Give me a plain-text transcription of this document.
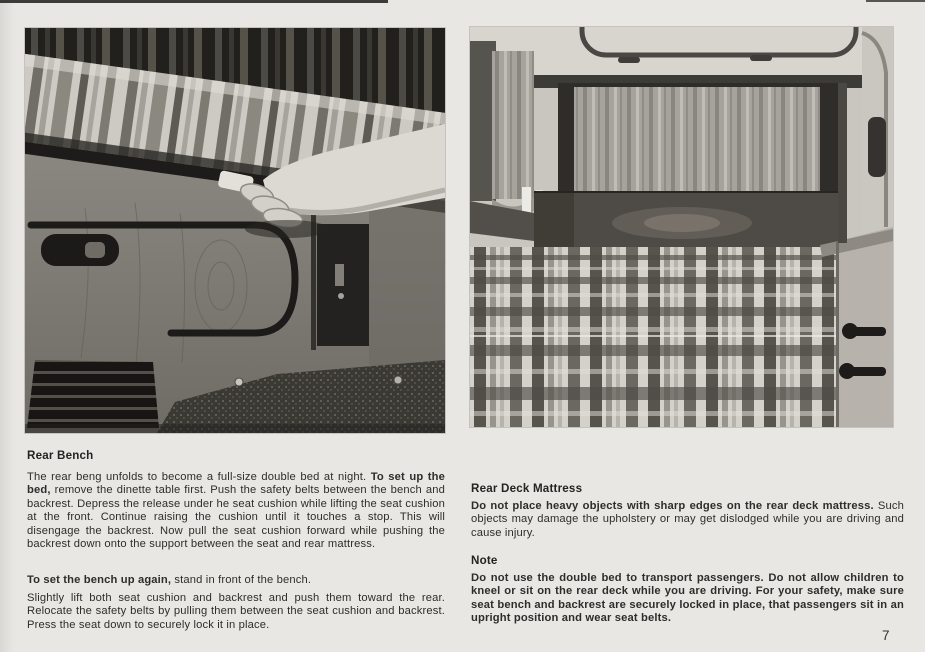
Rear Bench
The rear beng unfolds to become a full-size double bed at night. To set up the bed, remove the dinette table first. Push the safety belts between the bench and backrest. Depress the release under he seat cushion while lifting the seat cushion at the front. Continue raising the cushion until it touches a stop. This will disengage the backrest. Now pull the seat cushion forward while pushing the backrest down onto the support between the seat and rear mattress.
To set the bench up again, stand in front of the bench.
Slightly lift both seat cushion and backrest and push them toward the rear. Relocate the safety belts by pulling them between the seat cushion and backrest. Press the seat down to securely lock it in place.
Rear Deck Mattress
Do not place heavy objects with sharp edges on the rear deck mattress. Such objects may damage the upholstery or may get dislodged while you are driving and cause injury.
Note
Do not use the double bed to transport passengers. Do not allow children to kneel or sit on the rear deck while you are driving. For your safety, make sure seat bench and backrest are securely locked in place, that passengers sit in an upright position and wear seat belts.
7
